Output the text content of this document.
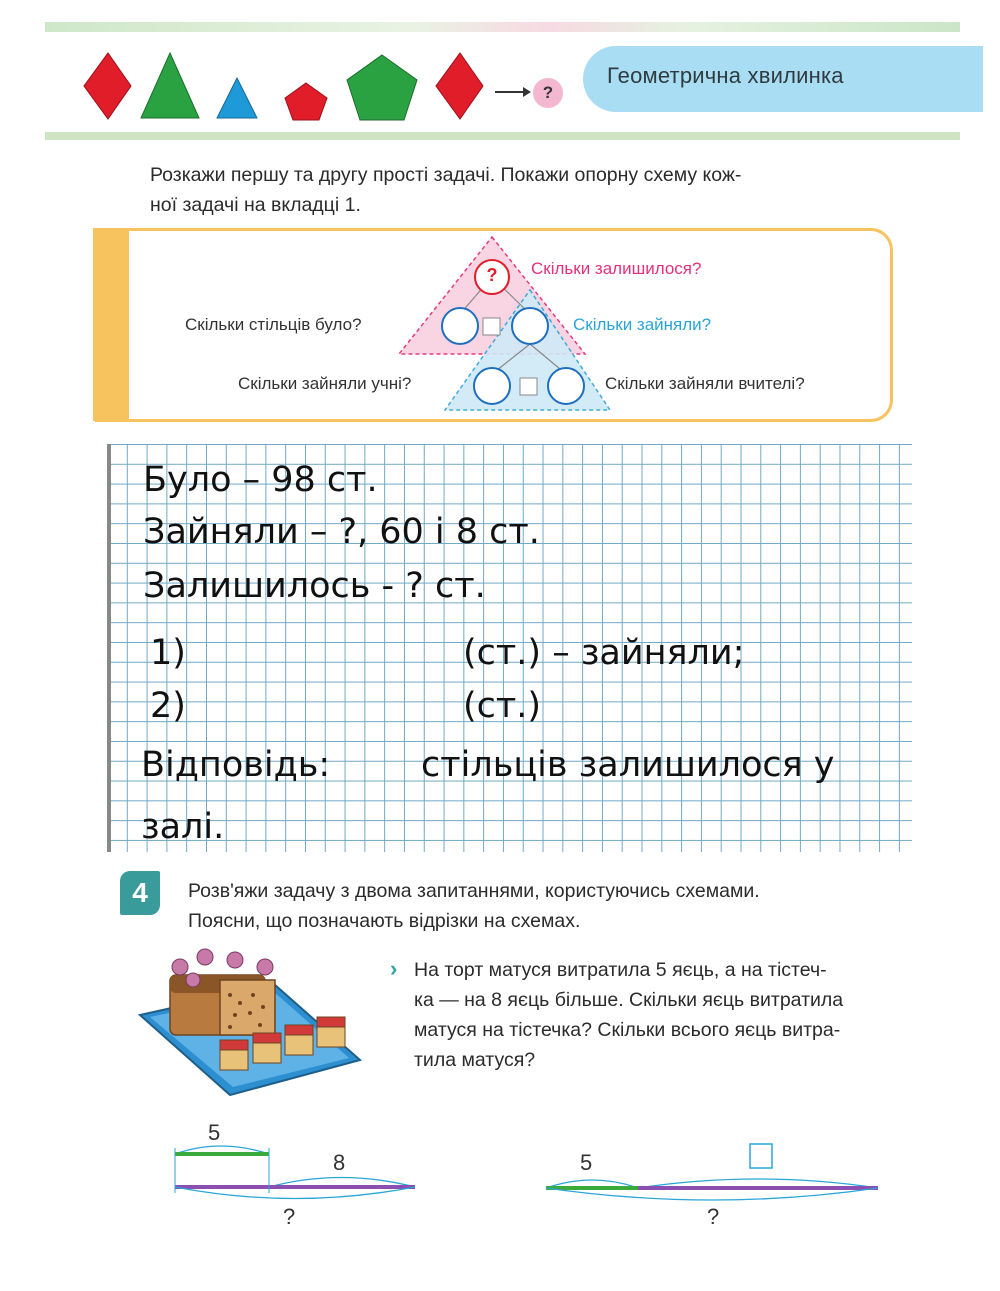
?
Геометрична хвилинка
Розкажи першу та другу прості задачі. Покажи опорну схему кож-
ної задачі на вкладці 1.
? Скільки залишилося?
Скільки стільців було?	Скільки зайняли?
Скільки зайняли учні?	Скільки зайняли вчителі?
Було – 98 ст.
Зайняли – ?, 60 і 8 ст.
Залишилось - ? ст.
1)	(ст.) – зайняли;
2)	(ст.)
Відповідь:	стільців залишилося у
залі.
4	Розв'яжи задачу з двома запитаннями, користуючись схемами.
Поясни, що позначають відрізки на схемах.
› На торт матуся витратила 5 яєць, а на тістеч-
ка — на 8 яєць більше. Скільки яєць витратила
матуся на тістечка? Скільки всього яєць витра-
тила матуся?
5
8
?
5
?
